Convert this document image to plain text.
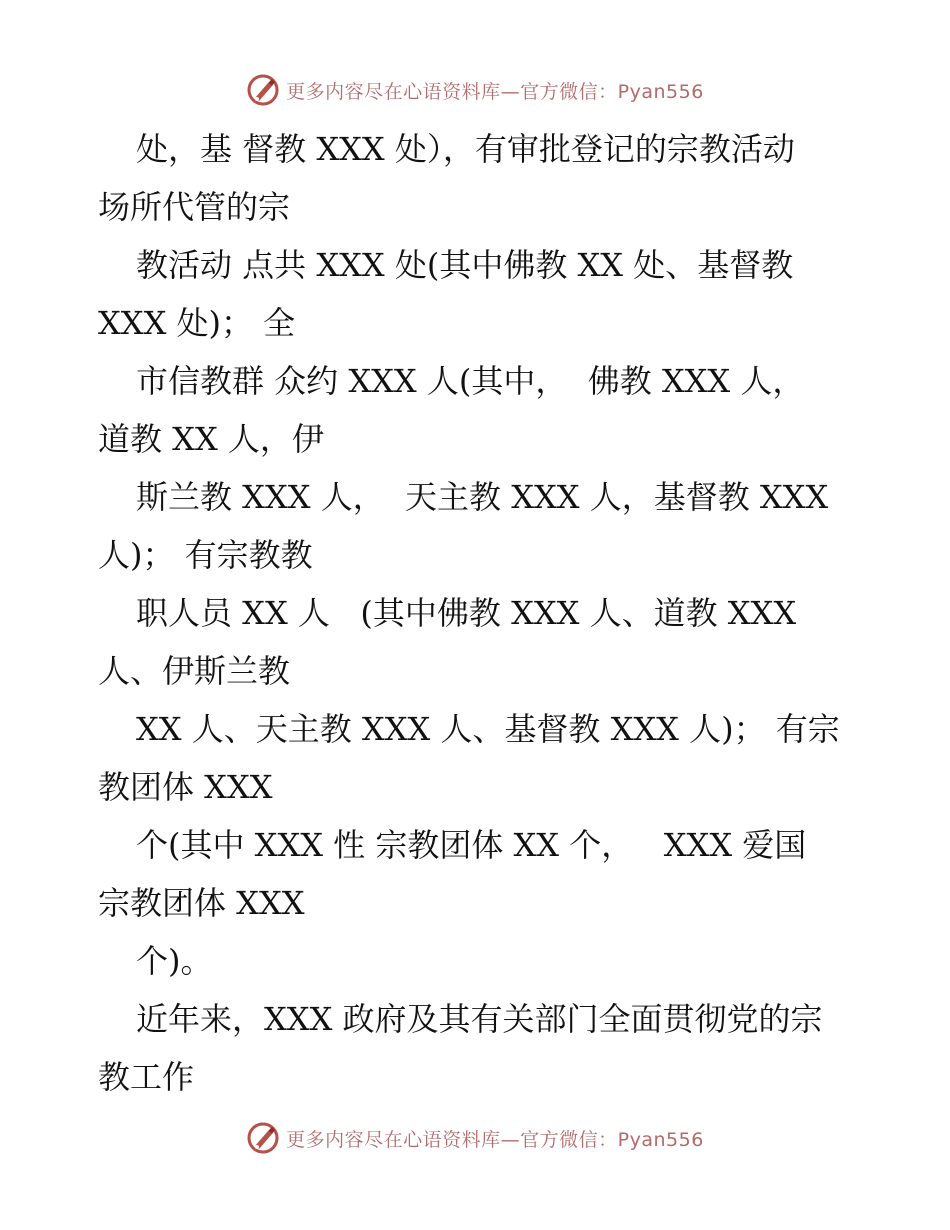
更多内容尽在心语资料库—官方微信：Pyan556
处，基 督教 XXX 处），有审批登记的宗教活动
场所代管的宗
教活动 点共 XXX 处(其中佛教 XX 处、基督教
XXX 处)； 全
市信教群 众约 XXX 人(其中，  佛教 XXX 人，
道教 XX 人，伊
斯兰教 XXX 人，  天主教 XXX 人，基督教 XXX
人)； 有宗教教
职人员 XX 人   (其中佛教 XXX 人、道教 XXX
人、伊斯兰教
XX 人、天主教 XXX 人、基督教 XXX 人)； 有宗
教团体 XXX
个(其中 XXX 性 宗教团体 XX 个，   XXX 爱国
宗教团体 XXX
个)。
近年来，XXX 政府及其有关部门全面贯彻党的宗
教工作
更多内容尽在心语资料库—官方微信：Pyan556
